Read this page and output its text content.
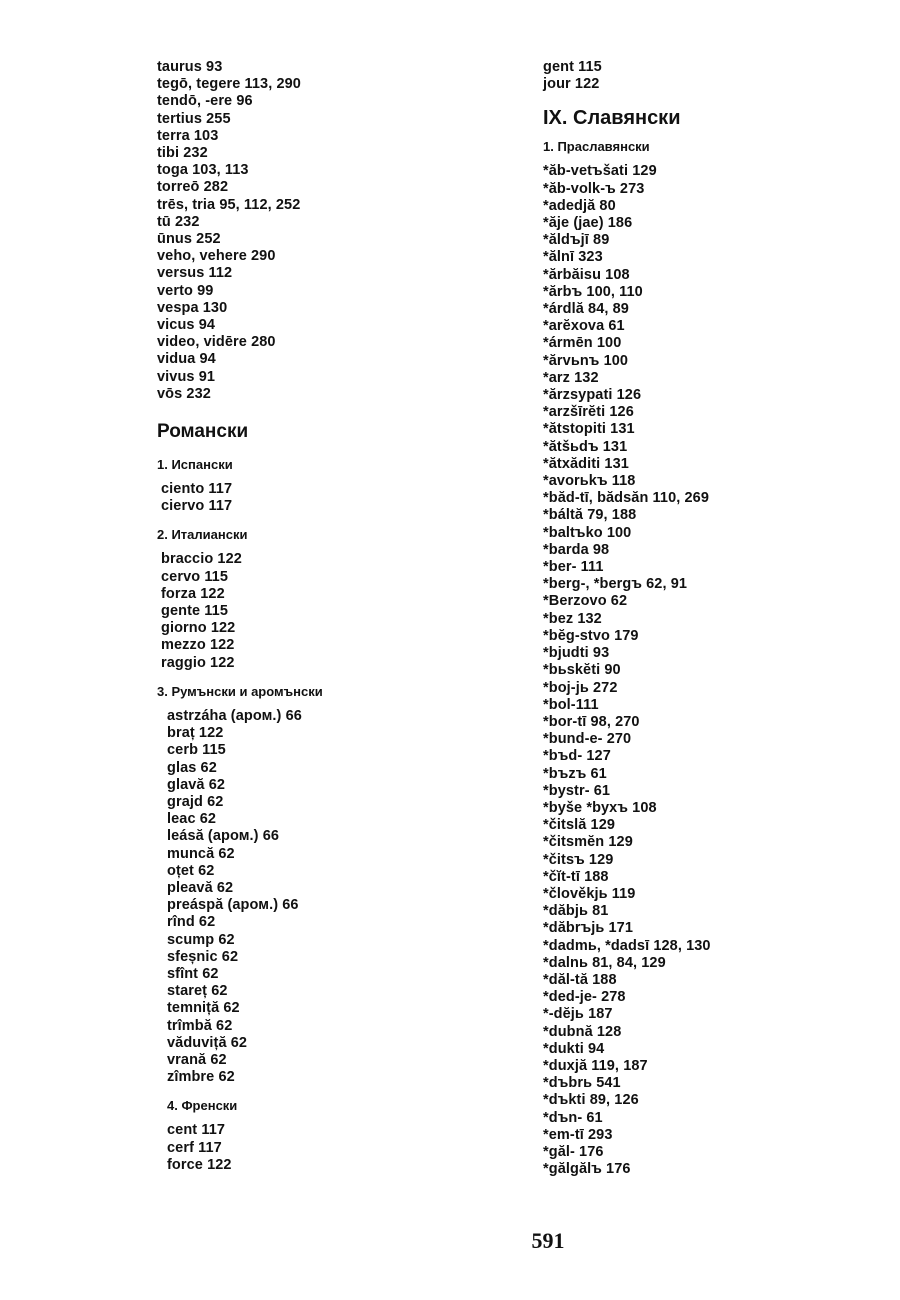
taurus 93
tegō, tegere 113, 290
tendō, -ere 96
tertius 255
terra 103
tibi 232
toga 103, 113
torreō 282
trēs, tria 95, 112, 252
tū 232
ūnus 252
veho, vehere 290
versus 112
verto 99
vespa 130
vicus 94
video, vidēre 280
vidua 94
vivus 91
vōs 232
Романски
1. Испански
ciento 117
ciervo 117
2. Италиански
braccio 122
cervo 115
forza 122
gente 115
giorno 122
mezzo 122
raggio 122
3. Румънски и аромънски
astrzáha (аром.) 66
braț 122
cerb 115
glas 62
glavă 62
grajd 62
leac 62
leásă (аром.) 66
muncă 62
oțet 62
pleavă 62
preáspă (аром.) 66
rînd 62
scump 62
sfeșnic 62
sfînt 62
stareț 62
temniță 62
trîmbă 62
văduviță 62
vrană 62
zîmbre 62
4. Френски
cent 117
cerf 117
force 122
gent 115
jour 122
IX. Славянски
1. Праславянски
*ăb-vetъšati 129
*ăb-volk-ъ 273
*adedjă 80
*ăje (jae) 186
*ăldъjī 89
*ălnī 323
*ărbăisu 108
*ărbъ 100, 110
*árdlă 84, 89
*arĕxova 61
*ármēn 100
*ărvьnъ 100
*arz 132
*ărzsypati 126
*arzšīrĕti 126
*ătstopiti 131
*ătšьdъ 131
*ătxăditi 131
*avorьkъ 118
*băd-tī, bădsăn 110, 269
*báltă 79, 188
*baltъko 100
*barda 98
*ber- 111
*berg-, *bergъ 62, 91
*Berzovo 62
*bez 132
*bĕg-stvo 179
*bjudti 93
*bьskĕti 90
*boj-jь 272
*bol-111
*bor-tī 98, 270
*bund-e- 270
*bъd- 127
*bъzъ 61
*bystr- 61
*byše *byxъ 108
*čitslă 129
*čitsmĕn 129
*čitsъ 129
*čĭt-tī 188
*člověkjь 119
*dăbjь 81
*dăbrъjь 171
*dadmь, *dadsī 128, 130
*dalnь 81, 84, 129
*dăl-tă 188
*ded-je- 278
*-dĕjь 187
*dubnă 128
*dukti 94
*duxjă 119, 187
*dъbrь 541
*dъkti 89, 126
*dъn- 61
*em-tī 293
*găl- 176
*gălgălъ 176
591
